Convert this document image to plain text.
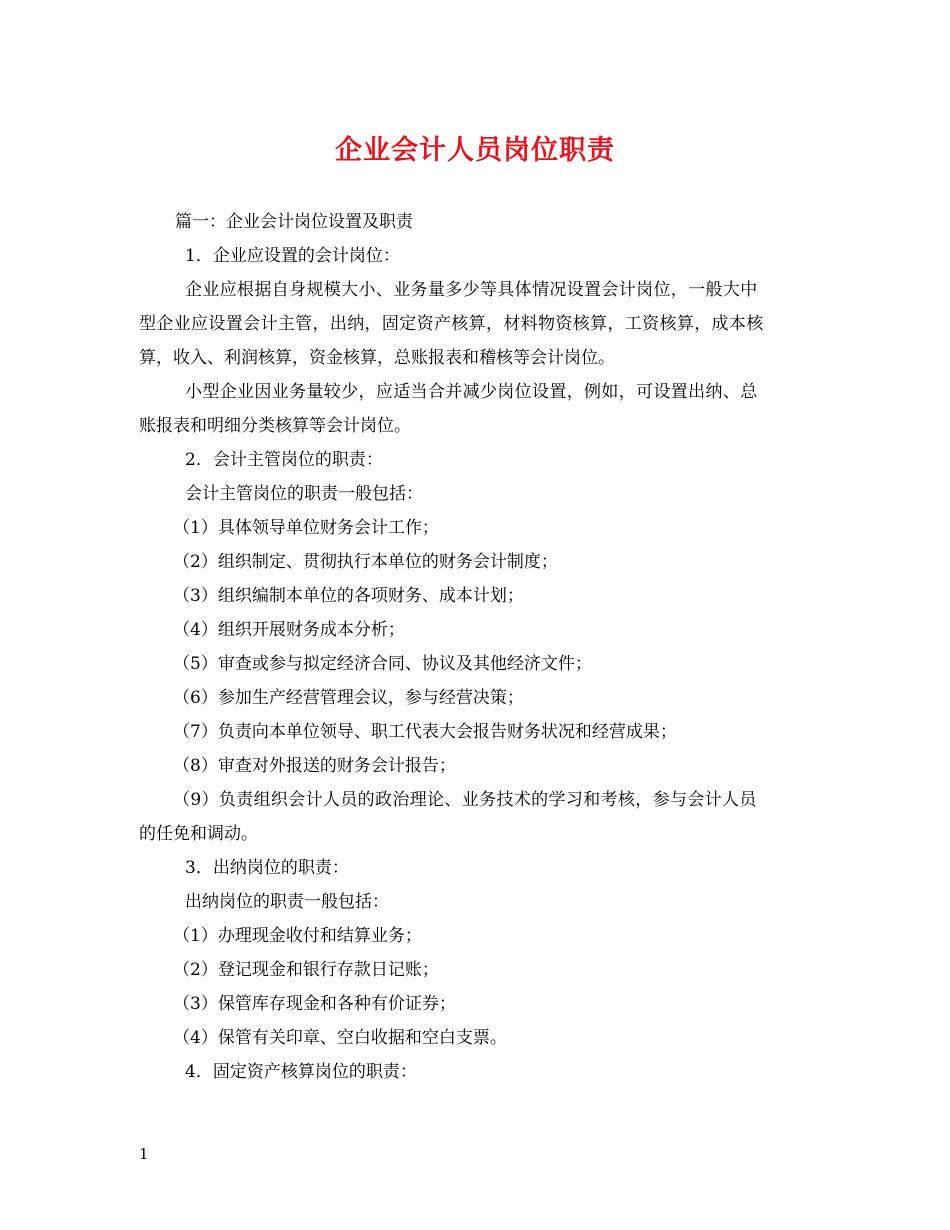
企业会计人员岗位职责
篇一：企业会计岗位设置及职责
1．企业应设置的会计岗位：
企业应根据自身规模大小、业务量多少等具体情况设置会计岗位，一般大中
型企业应设置会计主管，出纳，固定资产核算，材料物资核算，工资核算，成本核
算，收入、利润核算，资金核算，总账报表和稽核等会计岗位。
小型企业因业务量较少，应适当合并减少岗位设置，例如，可设置出纳、总
账报表和明细分类核算等会计岗位。
2．会计主管岗位的职责：
会计主管岗位的职责一般包括：
（1）具体领导单位财务会计工作；
（2）组织制定、贯彻执行本单位的财务会计制度；
（3）组织编制本单位的各项财务、成本计划；
（4）组织开展财务成本分析；
（5）审查或参与拟定经济合同、协议及其他经济文件；
（6）参加生产经营管理会议，参与经营决策；
（7）负责向本单位领导、职工代表大会报告财务状况和经营成果；
（8）审查对外报送的财务会计报告；
（9）负责组织会计人员的政治理论、业务技术的学习和考核，参与会计人员
的任免和调动。
3．出纳岗位的职责：
出纳岗位的职责一般包括：
（1）办理现金收付和结算业务；
（2）登记现金和银行存款日记账；
（3）保管库存现金和各种有价证券；
（4）保管有关印章、空白收据和空白支票。
4．固定资产核算岗位的职责：
1
